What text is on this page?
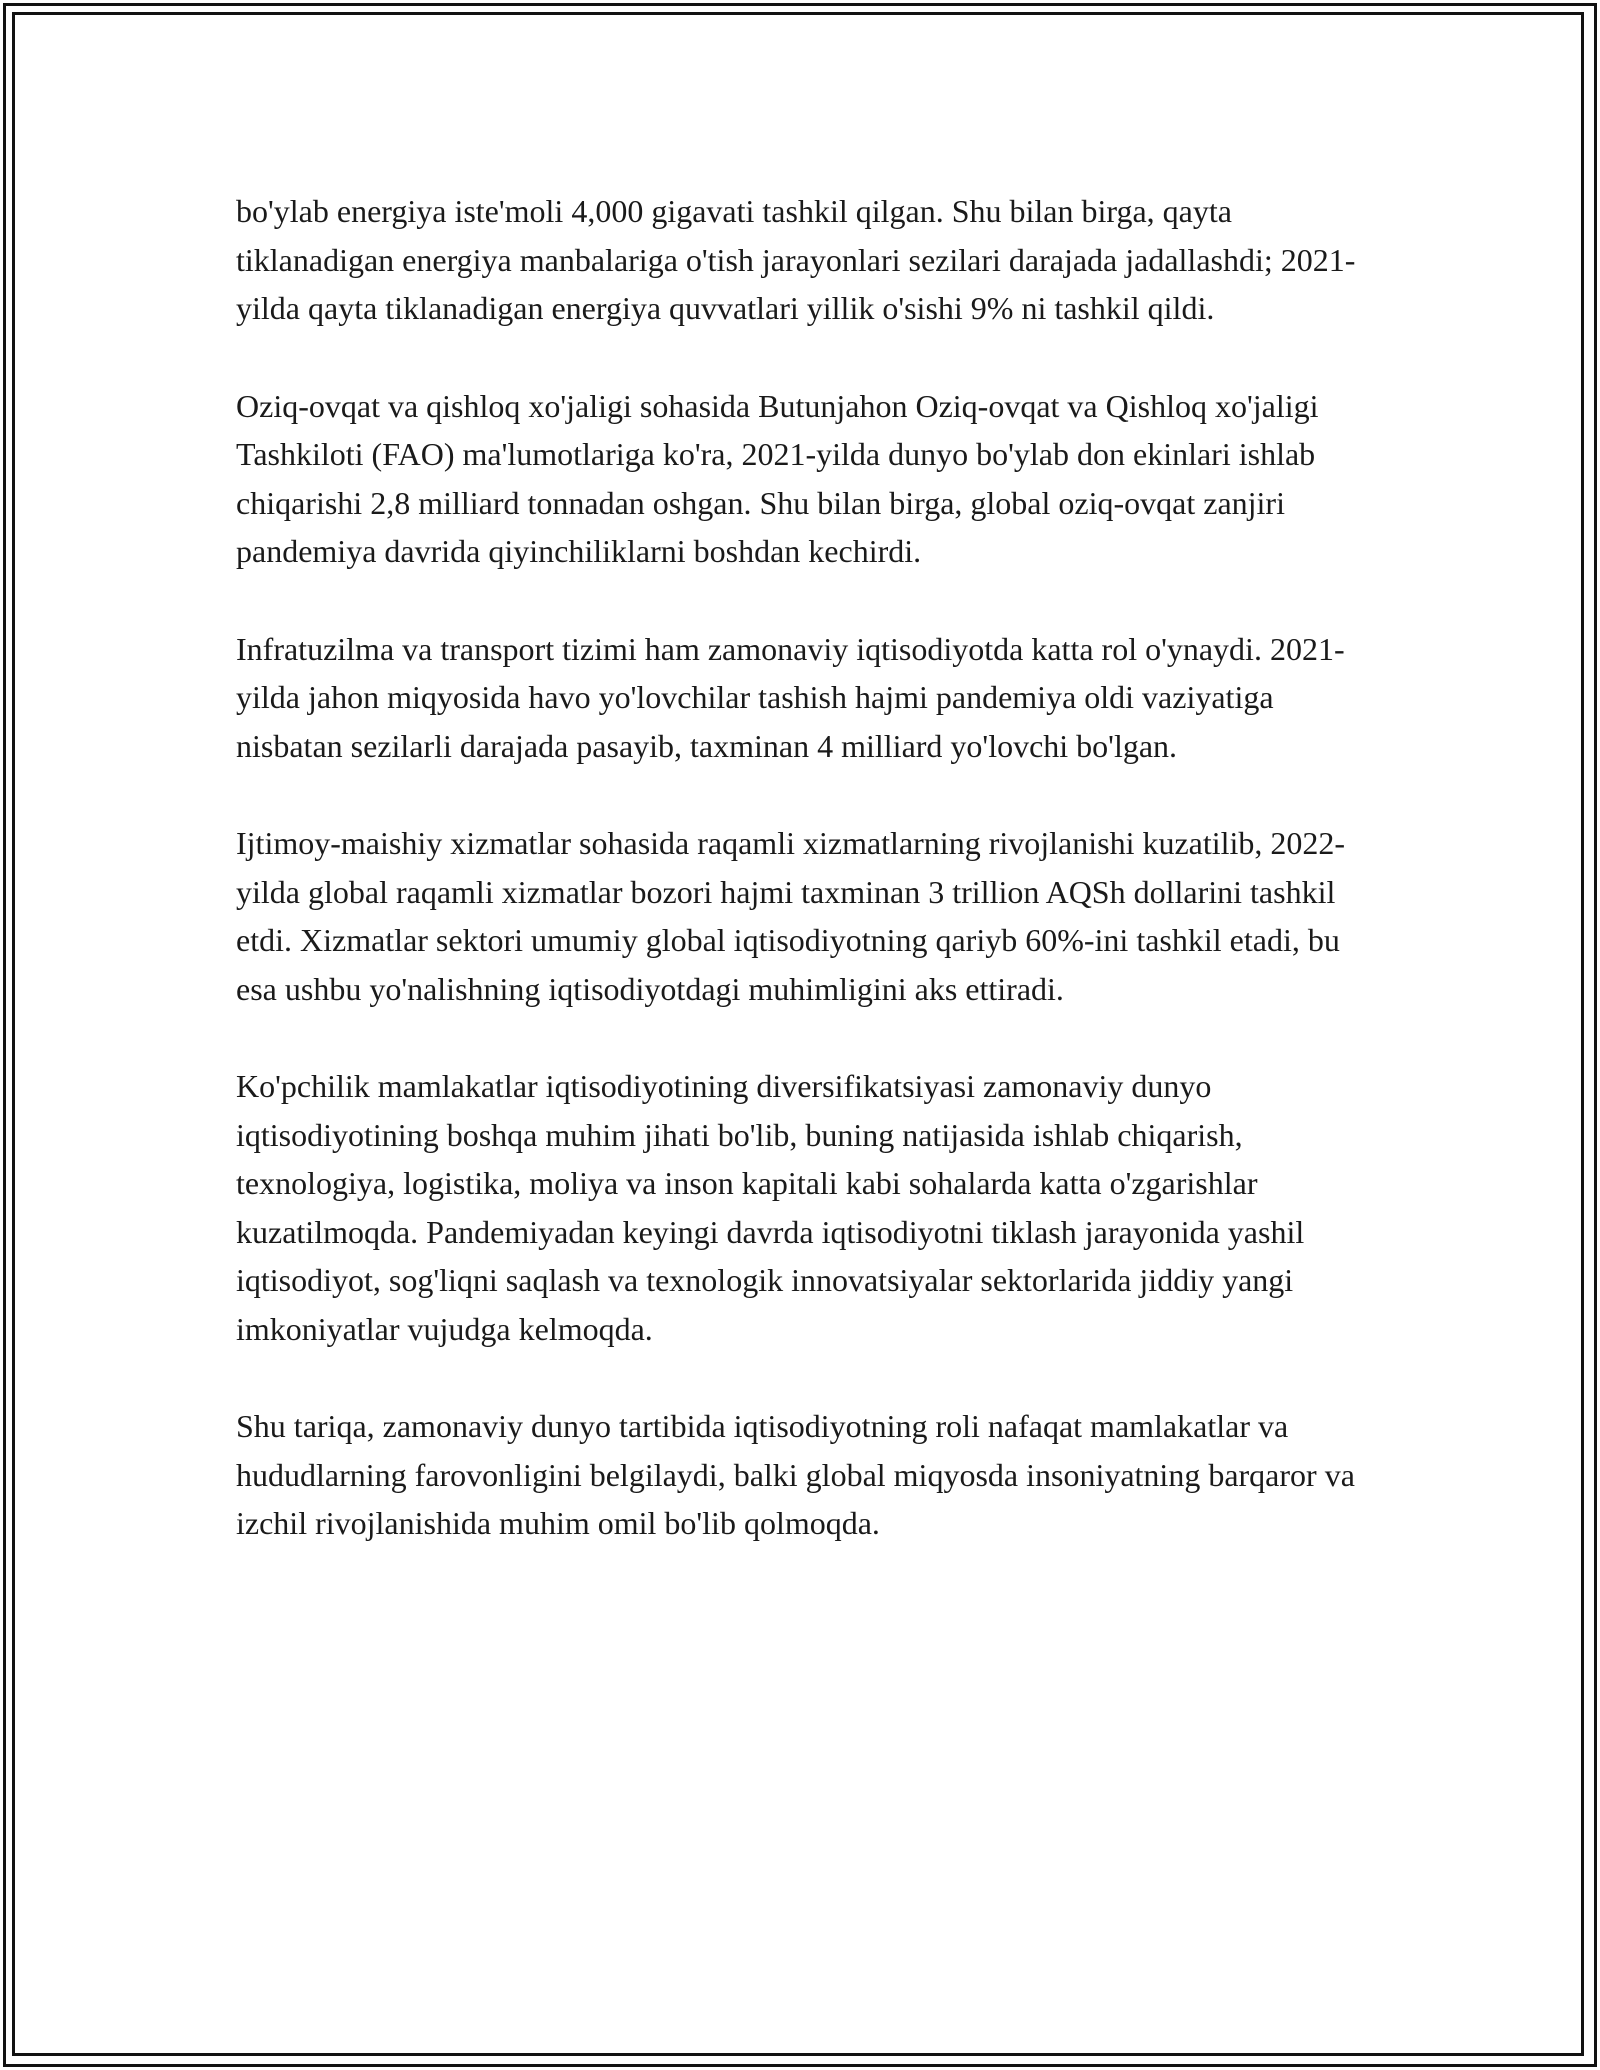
bo'ylab energiya iste'moli 4,000 gigavati tashkil qilgan. Shu bilan birga, qayta tiklanadigan energiya manbalariga o'tish jarayonlari sezilari darajada jadallashdi; 2021-yilda qayta tiklanadigan energiya quvvatlari yillik o'sishi 9% ni tashkil qildi.

Oziq-ovqat va qishloq xo'jaligi sohasida Butunjahon Oziq-ovqat va Qishloq xo'jaligi Tashkiloti (FAO) ma'lumotlariga ko'ra, 2021-yilda dunyo bo'ylab don ekinlari ishlab chiqarishi 2,8 milliard tonnadan oshgan. Shu bilan birga, global oziq-ovqat zanjiri pandemiya davrida qiyinchiliklarni boshdan kechirdi.

Infratuzilma va transport tizimi ham zamonaviy iqtisodiyotda katta rol o'ynaydi. 2021-yilda jahon miqyosida havo yo'lovchilar tashish hajmi pandemiya oldi vaziyatiga nisbatan sezilarli darajada pasayib, taxminan 4 milliard yo'lovchi bo'lgan.

Ijtimoy-maishiy xizmatlar sohasida raqamli xizmatlarning rivojlanishi kuzatilib, 2022-yilda global raqamli xizmatlar bozori hajmi taxminan 3 trillion AQSh dollarini tashkil etdi. Xizmatlar sektori umumiy global iqtisodiyotning qariyb 60%-ini tashkil etadi, bu esa ushbu yo'nalishning iqtisodiyotdagi muhimligini aks ettiradi.

Ko'pchilik mamlakatlar iqtisodiyotining diversifikatsiyasi zamonaviy dunyo iqtisodiyotining boshqa muhim jihati bo'lib, buning natijasida ishlab chiqarish, texnologiya, logistika, moliya va inson kapitali kabi sohalarda katta o'zgarishlar kuzatilmoqda. Pandemiyadan keyingi davrda iqtisodiyotni tiklash jarayonida yashil iqtisodiyot, sog'liqni saqlash va texnologik innovatsiyalar sektorlarida jiddiy yangi imkoniyatlar vujudga kelmoqda.

Shu tariqa, zamonaviy dunyo tartibida iqtisodiyotning roli nafaqat mamlakatlar va hududlarning farovonligini belgilaydi, balki global miqyosda insoniyatning barqaror va izchil rivojlanishida muhim omil bo'lib qolmoqda.
